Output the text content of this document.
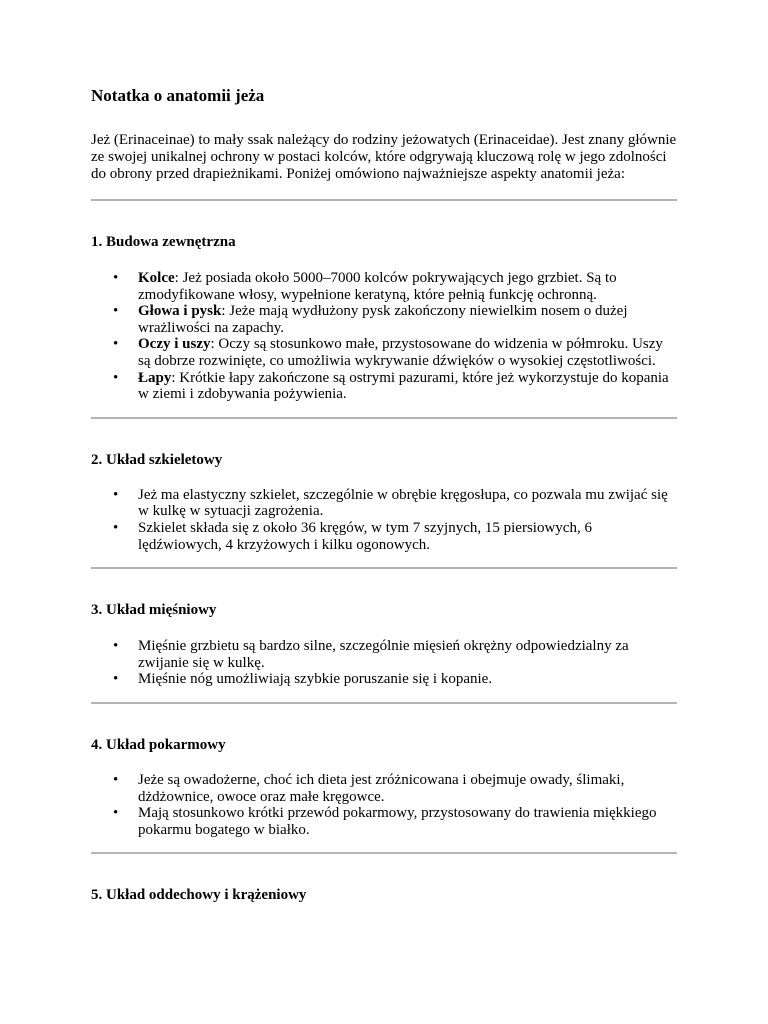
Notatka o anatomii jeża

Jeż (Erinaceinae) to mały ssak należący do rodziny jeżowatych (Erinaceidae). Jest znany głównie ze swojej unikalnej ochrony w postaci kolców, które odgrywają kluczową rolę w jego zdolności do obrony przed drapieżnikami. Poniżej omówiono najważniejsze aspekty anatomii jeża:

1. Budowa zewnętrzna
• Kolce: Jeż posiada około 5000–7000 kolców pokrywających jego grzbiet. Są to zmodyfikowane włosy, wypełnione keratyną, które pełnią funkcję ochronną.
• Głowa i pysk: Jeże mają wydłużony pysk zakończony niewielkim nosem o dużej wrażliwości na zapachy.
• Oczy i uszy: Oczy są stosunkowo małe, przystosowane do widzenia w półmroku. Uszy są dobrze rozwinięte, co umożliwia wykrywanie dźwięków o wysokiej częstotliwości.
• Łapy: Krótkie łapy zakończone są ostrymi pazurami, które jeż wykorzystuje do kopania w ziemi i zdobywania pożywienia.
2. Układ szkieletowy
• Jeż ma elastyczny szkielet, szczególnie w obrębie kręgosłupa, co pozwala mu zwijać się w kulkę w sytuacji zagrożenia.
• Szkielet składa się z około 36 kręgów, w tym 7 szyjnych, 15 piersiowych, 6 lędźwiowych, 4 krzyżowych i kilku ogonowych.
3. Układ mięśniowy
• Mięśnie grzbietu są bardzo silne, szczególnie mięsień okrężny odpowiedzialny za zwijanie się w kulkę.
• Mięśnie nóg umożliwiają szybkie poruszanie się i kopanie.
4. Układ pokarmowy
• Jeże są owadożerne, choć ich dieta jest zróżnicowana i obejmuje owady, ślimaki, dżdżownice, owoce oraz małe kręgowce.
• Mają stosunkowo krótki przewód pokarmowy, przystosowany do trawienia miękkiego pokarmu bogatego w białko.
5. Układ oddechowy i krążeniowy
